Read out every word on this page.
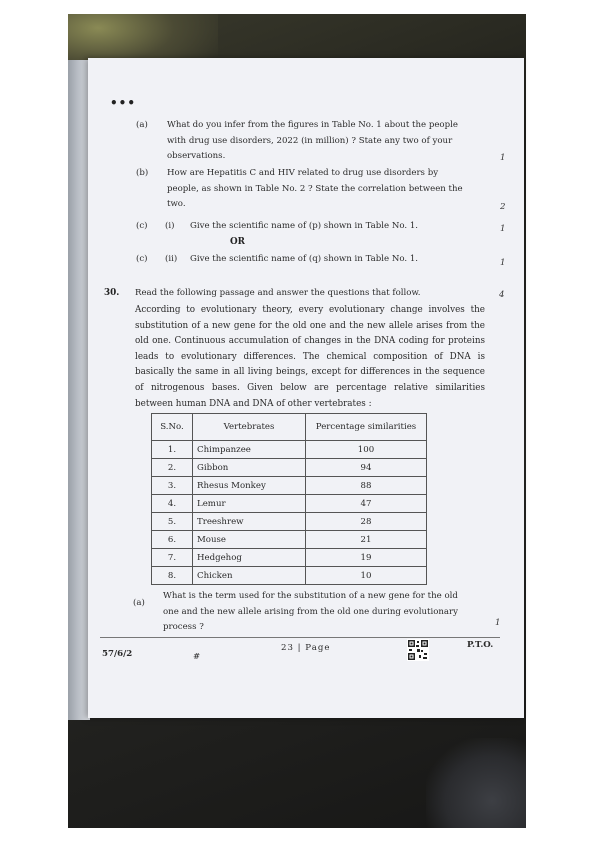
•••
(a) What do you infer from the figures in Table No. 1 about the people
with drug use disorders, 2022 (in million) ? State any two of your
observations.	1
(b) How are Hepatitis C and HIV related to drug use disorders by
people, as shown in Table No. 2 ? State the correlation between the
two.	2
(c) (i) Give the scientific name of (p) shown in Table No. 1.	1
OR
(c) (ii) Give the scientific name of (q) shown in Table No. 1.	1
30. Read the following passage and answer the questions that follow.	4
According to evolutionary theory, every evolutionary change involves the substitution of a new gene for the old one and the new allele arises from the old one. Continuous accumulation of changes in the DNA coding for proteins leads to evolutionary differences. The chemical composition of DNA is basically the same in all living beings, except for differences in the sequence of nitrogenous bases. Given below are percentage relative similarities between human DNA and DNA of other vertebrates :
S.No.	Vertebrates	Percentage similarities
1.	Chimpanzee	100
2.	Gibbon	94
3.	Rhesus Monkey	88
4.	Lemur	47
5.	Treeshrew	28
6.	Mouse	21
7.	Hedgehog	19
8.	Chicken	10
(a)
What is the term used for the substitution of a new gene for the old
one and the new allele arising from the old one during evolutionary
process ?	1
57/6/2	#
23 | Page	P.T.O.
